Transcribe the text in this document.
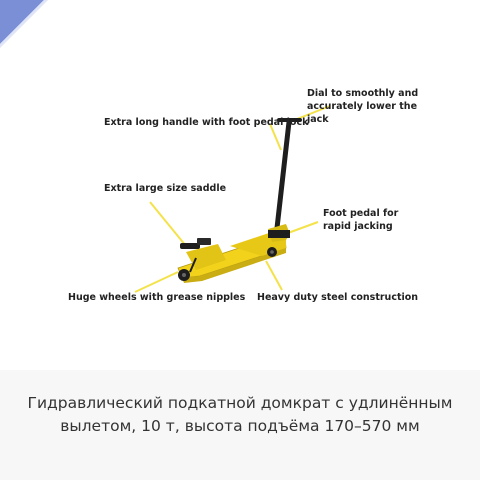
Dial to smoothly and accurately lower the jack
Extra long handle with foot pedal lock
Extra large size saddle
Foot pedal for rapid jacking
Huge wheels with grease nipples Heavy duty steel construction
Гидравлический подкатной домкрат с удлинённым вылетом, 10 т, высота подъёма 170–570 мм
